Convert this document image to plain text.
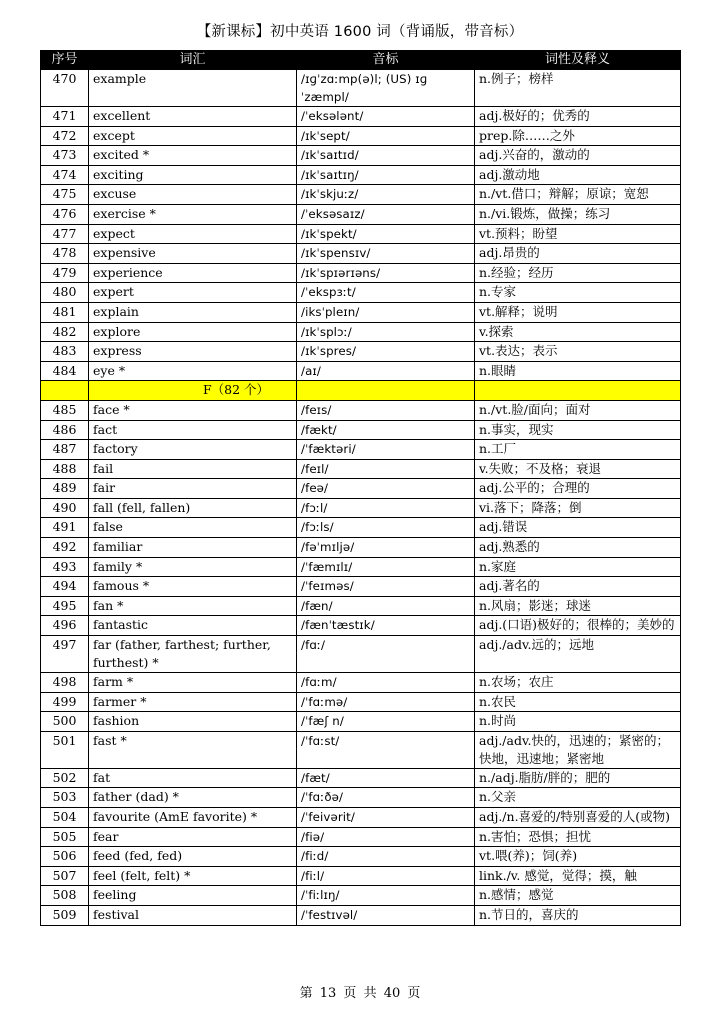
【新课标】初中英语 1600 词（背诵版，带音标）
序号	词汇	音标	词性及释义
470	example	/ɪɡˈzɑːmp(ə)l; (US) ɪɡˈzæmpl/	n.例子；榜样
471	excellent	/ˈeksələnt/	adj.极好的；优秀的
472	except	/ɪkˈsept/	prep.除……之外
473	excited *	/ɪkˈsaɪtɪd/	adj.兴奋的，激动的
474	exciting	/ɪkˈsaɪtɪŋ/	adj.激动地
475	excuse	/ɪkˈskjuːz/	n./vt.借口；辩解；原谅；宽恕
476	exercise *	/ˈeksəsaɪz/	n./vi.锻炼，做操；练习
477	expect	/ɪkˈspekt/	vt.预料；盼望
478	expensive	/ɪkˈspensɪv/	adj.昂贵的
479	experience	/ɪkˈspɪərɪəns/	n.经验；经历
480	expert	/ˈekspɜːt/	n.专家
481	explain	/iksˈpleɪn/	vt.解释；说明
482	explore	/ɪkˈsplɔː/	v.探索
483	express	/ɪkˈspres/	vt.表达；表示
484	eye *	/aɪ/	n.眼睛
	F（82 个）		
485	face *	/feɪs/	n./vt.脸/面向；面对
486	fact	/fækt/	n.事实，现实
487	factory	/ˈfæktəri/	n.工厂
488	fail	/feɪl/	v.失败；不及格；衰退
489	fair	/feə/	adj.公平的；合理的
490	fall (fell, fallen)	/fɔːl/	vi.落下；降落；倒
491	false	/fɔːls/	adj.错误
492	familiar	/fəˈmɪljə/	adj.熟悉的
493	family *	/ˈfæmɪlɪ/	n.家庭
494	famous *	/ˈfeɪməs/	adj.著名的
495	fan *	/fæn/	n.风扇；影迷；球迷
496	fantastic	/fænˈtæstɪk/	adj.(口语)极好的；很棒的；美妙的
497	far (father, farthest; further, furthest) *	/fɑː/	adj./adv.远的；远地
498	farm *	/fɑːm/	n.农场；农庄
499	farmer *	/ˈfɑːmə/	n.农民
500	fashion	/ˈfæʃ n/	n.时尚
501	fast *	/ˈfɑːst/	adj./adv.快的，迅速的；紧密的；快地，迅速地；紧密地
502	fat	/fæt/	n./adj.脂肪/胖的；肥的
503	father (dad) *	/ˈfɑːðə/	n.父亲
504	favourite (AmE favorite) *	/ˈfeivərit/	adj./n.喜爱的/特别喜爱的人(或物)
505	fear	/fiə/	n.害怕；恐惧；担忧
506	feed (fed, fed)	/fiːd/	vt.喂(养)；饲(养)
507	feel (felt, felt) *	/fiːl/	link./v. 感觉，觉得；摸，触
508	feeling	/ˈfiːlɪŋ/	n.感情；感觉
509	festival	/ˈfestɪvəl/	n.节日的，喜庆的
第 13 页 共 40 页
